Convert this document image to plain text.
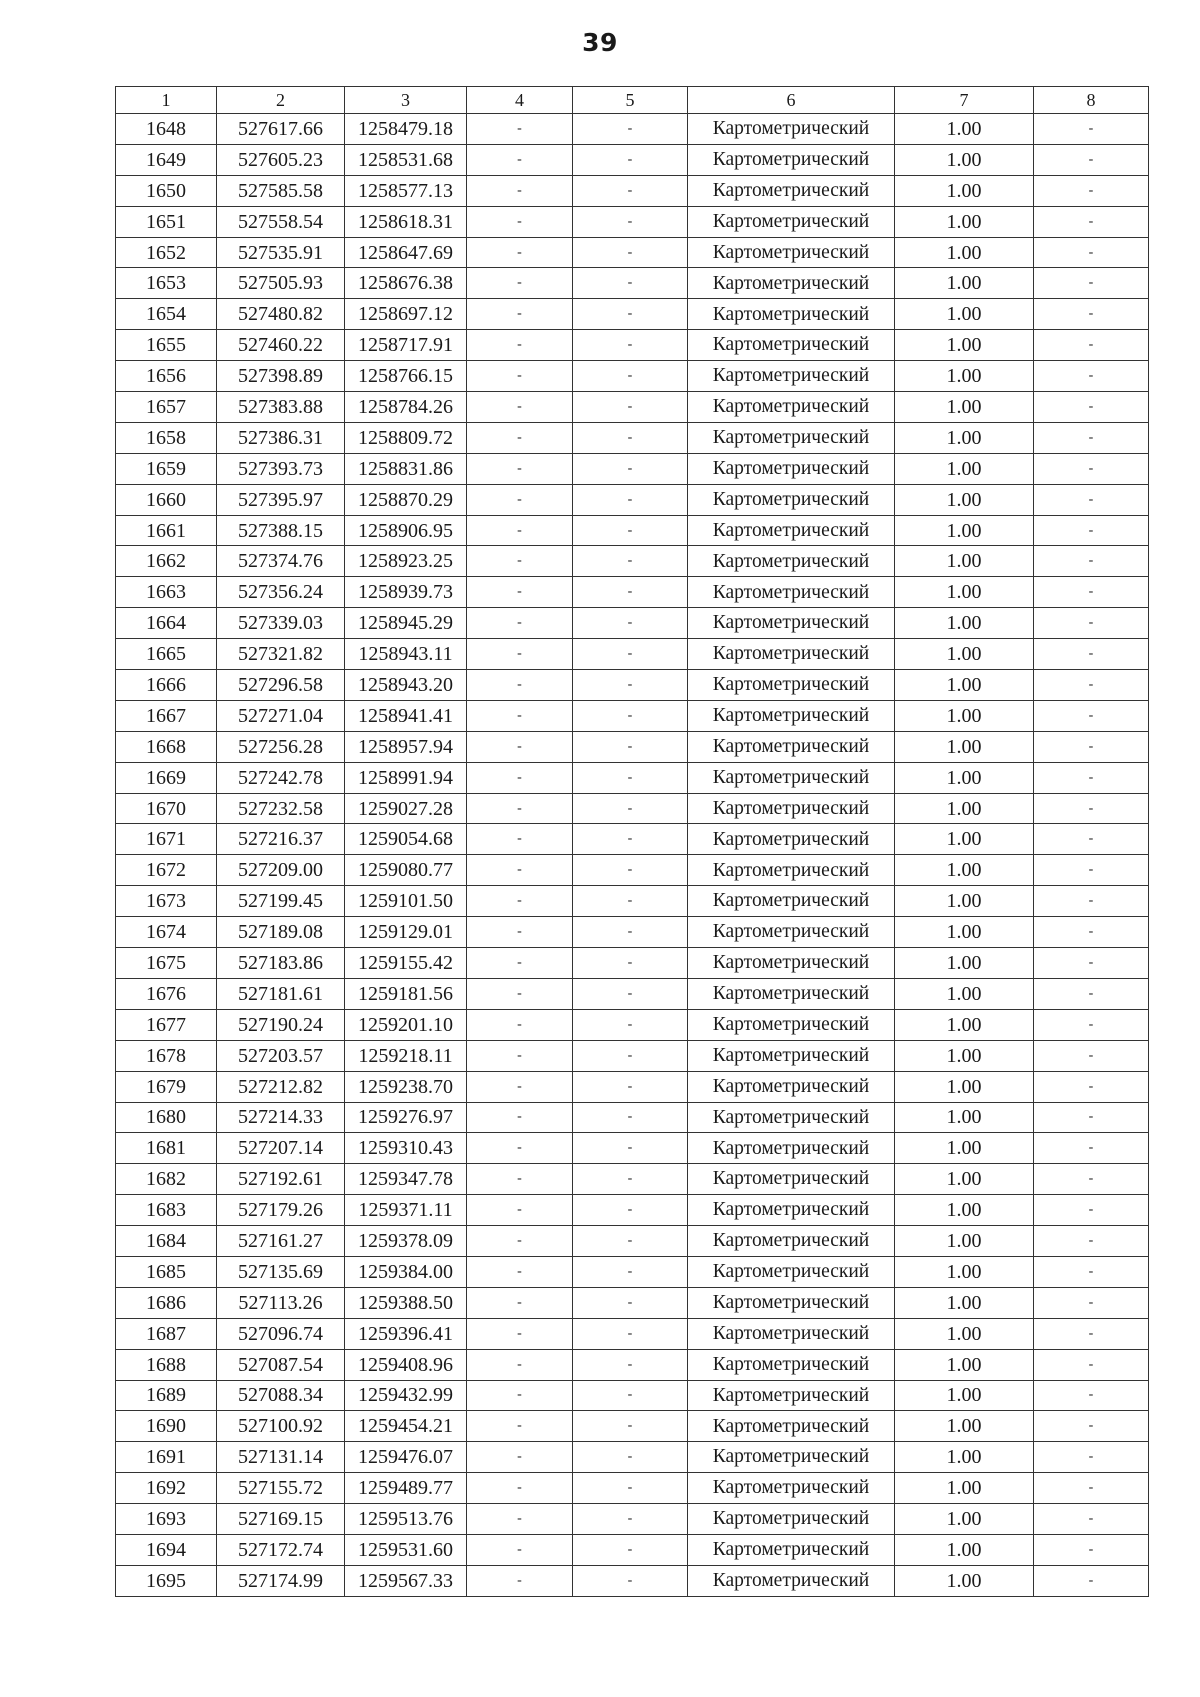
39
1	2	3	4	5	6	7	8
1648	527617.66	1258479.18	-	-	Картометрический	1.00	-
1649	527605.23	1258531.68	-	-	Картометрический	1.00	-
1650	527585.58	1258577.13	-	-	Картометрический	1.00	-
1651	527558.54	1258618.31	-	-	Картометрический	1.00	-
1652	527535.91	1258647.69	-	-	Картометрический	1.00	-
1653	527505.93	1258676.38	-	-	Картометрический	1.00	-
1654	527480.82	1258697.12	-	-	Картометрический	1.00	-
1655	527460.22	1258717.91	-	-	Картометрический	1.00	-
1656	527398.89	1258766.15	-	-	Картометрический	1.00	-
1657	527383.88	1258784.26	-	-	Картометрический	1.00	-
1658	527386.31	1258809.72	-	-	Картометрический	1.00	-
1659	527393.73	1258831.86	-	-	Картометрический	1.00	-
1660	527395.97	1258870.29	-	-	Картометрический	1.00	-
1661	527388.15	1258906.95	-	-	Картометрический	1.00	-
1662	527374.76	1258923.25	-	-	Картометрический	1.00	-
1663	527356.24	1258939.73	-	-	Картометрический	1.00	-
1664	527339.03	1258945.29	-	-	Картометрический	1.00	-
1665	527321.82	1258943.11	-	-	Картометрический	1.00	-
1666	527296.58	1258943.20	-	-	Картометрический	1.00	-
1667	527271.04	1258941.41	-	-	Картометрический	1.00	-
1668	527256.28	1258957.94	-	-	Картометрический	1.00	-
1669	527242.78	1258991.94	-	-	Картометрический	1.00	-
1670	527232.58	1259027.28	-	-	Картометрический	1.00	-
1671	527216.37	1259054.68	-	-	Картометрический	1.00	-
1672	527209.00	1259080.77	-	-	Картометрический	1.00	-
1673	527199.45	1259101.50	-	-	Картометрический	1.00	-
1674	527189.08	1259129.01	-	-	Картометрический	1.00	-
1675	527183.86	1259155.42	-	-	Картометрический	1.00	-
1676	527181.61	1259181.56	-	-	Картометрический	1.00	-
1677	527190.24	1259201.10	-	-	Картометрический	1.00	-
1678	527203.57	1259218.11	-	-	Картометрический	1.00	-
1679	527212.82	1259238.70	-	-	Картометрический	1.00	-
1680	527214.33	1259276.97	-	-	Картометрический	1.00	-
1681	527207.14	1259310.43	-	-	Картометрический	1.00	-
1682	527192.61	1259347.78	-	-	Картометрический	1.00	-
1683	527179.26	1259371.11	-	-	Картометрический	1.00	-
1684	527161.27	1259378.09	-	-	Картометрический	1.00	-
1685	527135.69	1259384.00	-	-	Картометрический	1.00	-
1686	527113.26	1259388.50	-	-	Картометрический	1.00	-
1687	527096.74	1259396.41	-	-	Картометрический	1.00	-
1688	527087.54	1259408.96	-	-	Картометрический	1.00	-
1689	527088.34	1259432.99	-	-	Картометрический	1.00	-
1690	527100.92	1259454.21	-	-	Картометрический	1.00	-
1691	527131.14	1259476.07	-	-	Картометрический	1.00	-
1692	527155.72	1259489.77	-	-	Картометрический	1.00	-
1693	527169.15	1259513.76	-	-	Картометрический	1.00	-
1694	527172.74	1259531.60	-	-	Картометрический	1.00	-
1695	527174.99	1259567.33	-	-	Картометрический	1.00	-
